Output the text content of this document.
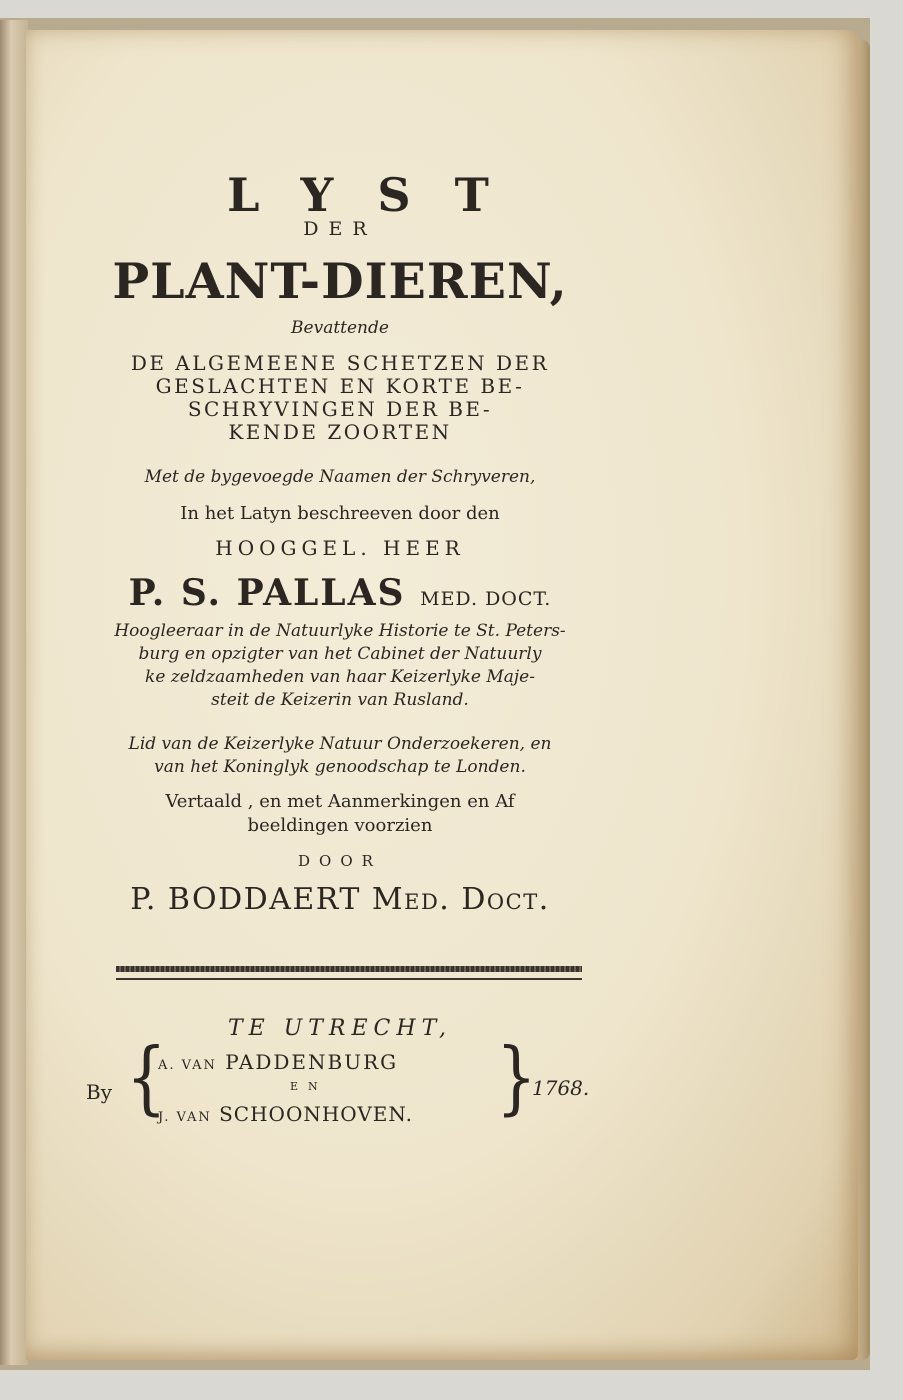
LYST
DER
PLANT-DIEREN,
Bevattende
DE ALGEMEENE SCHETZEN DER
GESLACHTEN EN KORTE BE-
SCHRYVINGEN DER BE-
KENDE ZOORTEN
Met de bygevoegde Naamen der Schryveren,
In het Latyn beschreeven door den
HOOGGEL. HEER
P. S. PALLAS MED. DOCT.
Hoogleeraar in de Natuurlyke Historie te St. Peters-
burg en opzigter van het Cabinet der Natuurly
ke zeldzaamheden van haar Keizerlyke Maje-
steit de Keizerin van Rusland.
Lid van de Keizerlyke Natuur Onderzoekeren, en
van het Koninglyk genoodschap te Londen.
Vertaald , en met Aanmerkingen en Af
beeldingen voorzien
DOOR
P. BODDAERT Med. Doct.
TE UTRECHT,
By {
A. VAN PADDENBURG
EN
J. VAN SCHOONHOVEN. }
1768.
